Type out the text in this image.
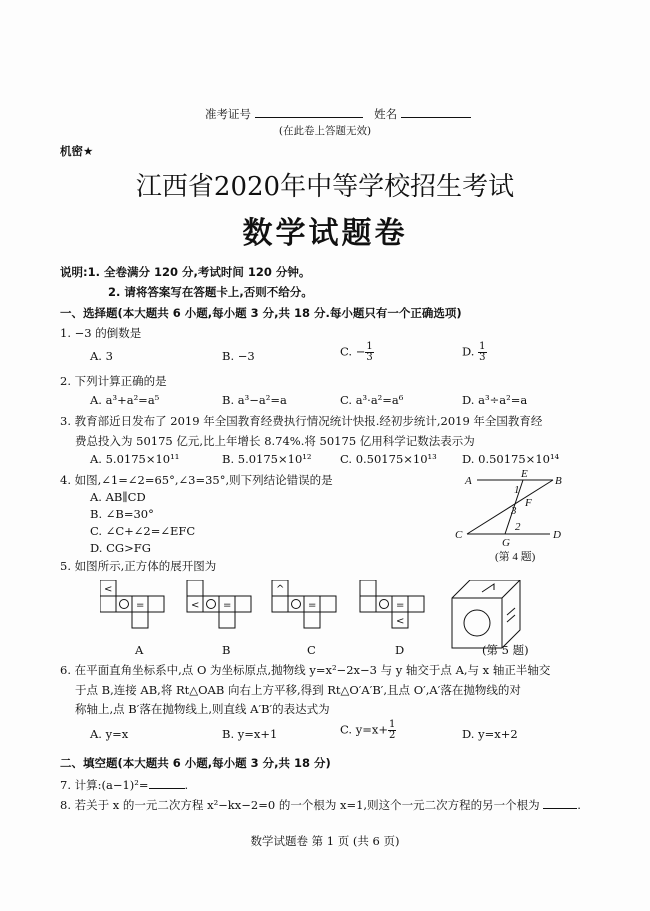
准考证号 　	姓名
(在此卷上答题无效)
机密★
江西省2020年中等学校招生考试
数学试题卷
说明:1. 全卷满分 120 分,考试时间 120 分钟。
2. 请将答案写在答题卡上,否则不给分。
一、选择题(本大题共 6 小题,每小题 3 分,共 18 分.每小题只有一个正确选项)
1. −3 的倒数是
A. 3	B. −3	C. − $\frac{1}{3}$	D. $\frac{1}{3}$
2. 下列计算正确的是
A. a³+a²=a⁵	B. a³−a²=a	C. a³·a²=a⁶	D. a³÷a²=a
3. 教育部近日发布了 2019 年全国教育经费执行情况统计快报.经初步统计,2019 年全国教育经
费总投入为 50175 亿元,比上年增长 8.74%.将 50175 亿用科学记数法表示为
A. 5.0175×10¹¹	B. 5.0175×10¹² C. 0.50175×10¹³ D. 0.50175×10¹⁴
4. 如图,∠1=∠2=65°,∠3=35°,则下列结论错误的是
A. AB∥CD
B. ∠B=30°
C. ∠C+∠2=∠EFC
D. CG>FG
A
E
B
1
F
3
2
C
G
D
(第 4 题)
5. 如图所示,正方体的展开图为
<
=	< =
^
=	=
<
A	B	C	D	(第 5 题)
6. 在平面直角坐标系中,点 O 为坐标原点,抛物线 y=x²−2x−3 与 y 轴交于点 A,与 x 轴正半轴交
于点 B,连接 AB,将 Rt△OAB 向右上方平移,得到 Rt△O′A′B′,且点 O′,A′落在抛物线的对
称轴上,点 B′落在抛物线上,则直线 A′B′的表达式为
A. y=x	B. y=x+1	C. $y=x+ \frac{1}{2}$	D. y=x+2
二、填空题(本大题共 6 小题,每小题 3 分,共 18 分)
7. 计算:(a−1)²=	.
8. 若关于 x 的一元二次方程 x²−kx−2=0 的一个根为 x=1,则这个一元二次方程的另一个根为	.
数学试题卷 第 1 页 (共 6 页)
